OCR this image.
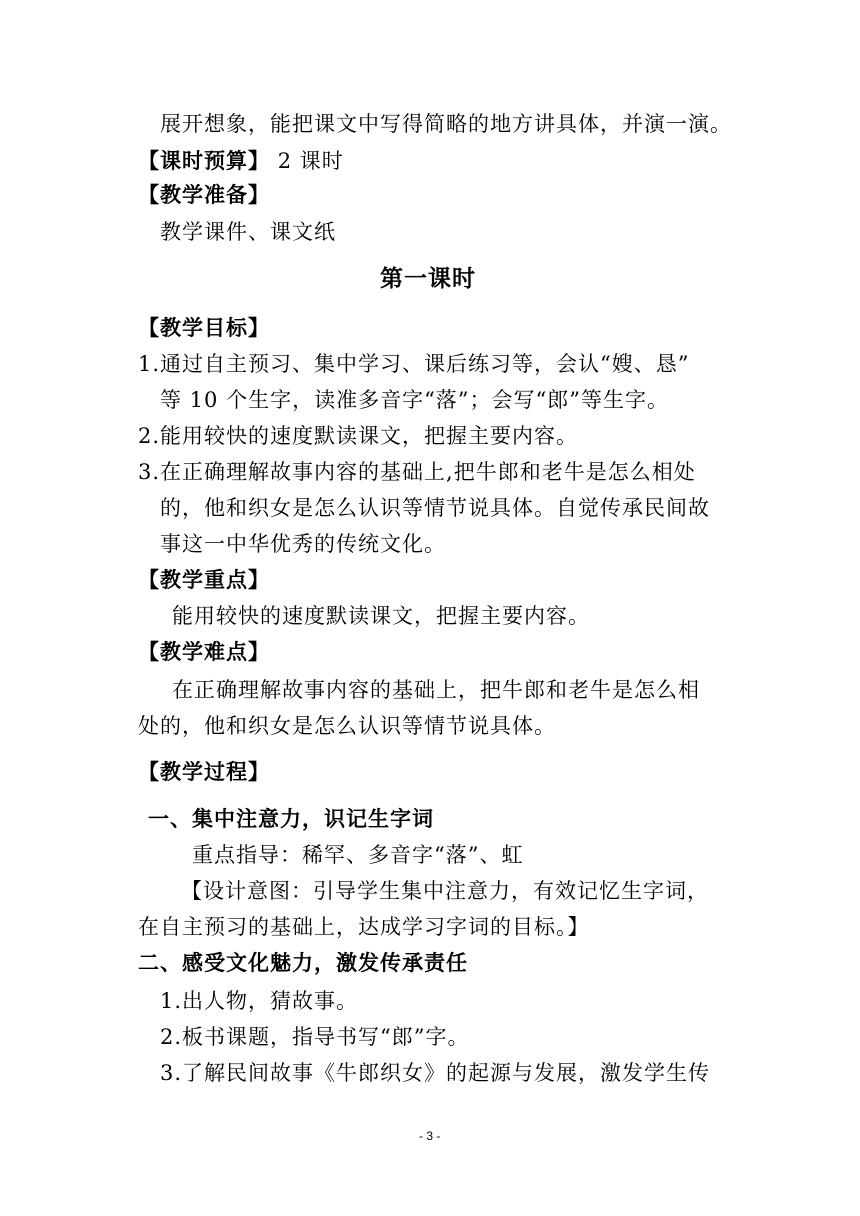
展开想象，能把课文中写得简略的地方讲具体，并演一演。
【课时预算】 2 课时
【教学准备】
教学课件、课文纸
第一课时
【教学目标】
1.通过自主预习、集中学习、课后练习等，会认“嫂、恳”
等 10 个生字，读准多音字“落”；会写“郎”等生字。
2.能用较快的速度默读课文，把握主要内容。
3.在正确理解故事内容的基础上,把牛郎和老牛是怎么相处
的，他和织女是怎么认识等情节说具体。自觉传承民间故
事这一中华优秀的传统文化。
【教学重点】
能用较快的速度默读课文，把握主要内容。
【教学难点】
在正确理解故事内容的基础上，把牛郎和老牛是怎么相
处的，他和织女是怎么认识等情节说具体。
【教学过程】
一、集中注意力，识记生字词
重点指导：稀罕、多音字“落”、虹
【设计意图：引导学生集中注意力，有效记忆生字词，
在自主预习的基础上，达成学习字词的目标。】
二、感受文化魅力，激发传承责任
1.出人物，猜故事。
2.板书课题，指导书写“郎”字。
3.了解民间故事《牛郎织女》的起源与发展，激发学生传
- 3 -
